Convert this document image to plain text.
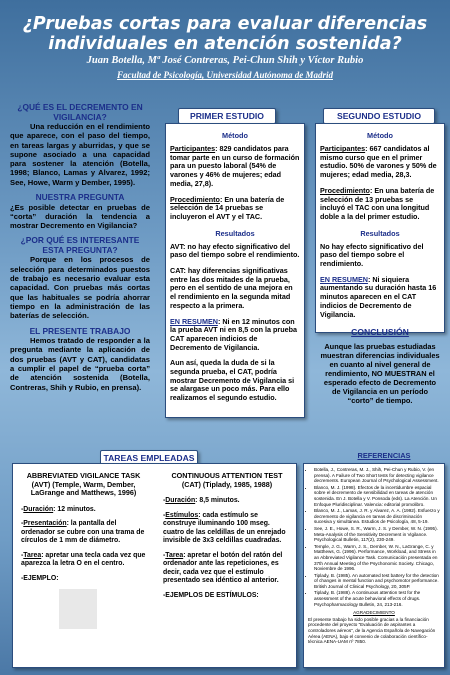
¿Pruebas cortas para evaluar diferencias individuales en atención sostenida?
Juan Botella, Mª José Contreras, Pei-Chun Shih y Víctor Rubio
Facultad de Psicología, Universidad Autónoma de Madrid
¿QUÉ ES EL DECREMENTO EN VIGILANCIA?

Una reducción en el rendimiento que aparece, con el paso del tiempo, en tareas largas y aburridas, y que se supone asociado a una capacidad para sostener la atención (Botella, 1998; Blanco, Lamas y Alvarez, 1992; See, Howe, Warm y Dember, 1995).

NUESTRA PREGUNTA

¿Es posible detectar en pruebas de “corta” duración la tendencia a mostrar Decremento en Vigilancia?

¿POR QUÉ ES INTERESANTE ESTA PREGUNTA?

Porque en los procesos de selección para determinados puestos de trabajo es necesario evaluar esta capacidad. Con pruebas más cortas que las habituales se podría ahorrar tiempo en la administración de las baterías de selección.

EL PRESENTE TRABAJO

Hemos tratado de responder a la pregunta mediante la aplicación de dos pruebas (AVT y CAT), candidatas a cumplir el papel de “prueba corta” de atención sostenida (Botella, Contreras, Shih y Rubio, en prensa).

PRIMER ESTUDIO
Método

Participantes: 829 candidatos para tomar parte en un curso de formación para un puesto laboral (54% de varones y 46% de mujeres; edad media, 27,8).

Procedimiento: En una batería de selección de 14 pruebas se incluyeron el AVT y el TAC.

Resultados

AVT: no hay efecto significativo del paso del tiempo sobre el rendimiento.

CAT: hay diferencias significativas entre las dos mitades de la prueba, pero en el sentido de una mejora en el rendimiento en la segunda mitad respecto a la primera.

EN RESUMEN: Ni en 12 minutos con la prueba AVT ni en 8,5 con la prueba CAT aparecen indicios de Decremento de Vigilancia.

Aun así, queda la duda de si la segunda prueba, el CAT, podría mostrar Decremento de Vigilancia si se alargase un poco más. Para ello realizamos el segundo estudio.

SEGUNDO ESTUDIO
Método

Participantes: 667 candidatos al mismo curso que en el primer estudio. 50% de varones y 50% de mujeres; edad media, 28,3.

Procedimiento: En una batería de selección de 13 pruebas se incluyó el TAC con una longitud doble a la del primer estudio.

Resultados

No hay efecto significativo del paso del tiempo sobre el rendimiento.

EN RESUMEN: Ni siquiera aumentando su duración hasta 16 minutos aparecen en el CAT indicios de Decremento de Vigilancia.

CONCLUSIÓN

Aunque las pruebas estudiadas muestran diferencias individuales en cuanto al nivel general de rendimiento, NO MUESTRAN el esperado efecto de Decremento de Vigilancia en un período “corto” de tiempo.

TAREAS EMPLEADAS
ABBREVIATED VIGILANCE TASK (AVT) (Temple, Warm, Dember, LaGrange and Matthews, 1996)

-Duración: 12 minutos.

-Presentación: la pantalla del ordenador se cubre con una trama de círculos de 1 mm de diámetro.

-Tarea: apretar una tecla cada vez que aparezca la letra O en el centro.

-EJEMPLO:

CONTINUOUS ATTENTION TEST (CAT) (Tiplady, 1985, 1988)

-Duración: 8,5 minutos.

-Estímulos: cada estímulo se construye iluminando 100 mseg. cuatro de las celdillas de un enrejado invisible de 3x3 celdillas cuadradas.

-Tarea: apretar el botón del ratón del ordenador ante las repeticiones, es decir, cada vez que el estímulo presentado sea idéntico al anterior.

-EJEMPLOS DE ESTÍMULOS:

REFERENCIAS
• Botella, J., Contreras, M. J., Shih, Pei-Chun y Rubio, V. (en prensa). A Failure of Two Short tests for detecting vigilance decrements. European Journal of Psychological Assessment.
• Blanco, M. J. (1998). Efectos de la incertidumbre espacial sobre el decremento de sensibilidad en tareas de atención sostenida. En J. Botella y V. Ponsoda (eds). La Atención. Un Enfoque Pluridisciplinar. Valencia: editorial promolibro.
• Blanco, M. J., Lamas, J. R. y Alvarez, A. A. (1992). Esfuerzo y decremento de vigilancia en tareas de discriminación sucesiva y simultánea. Estudios de Psicología, 48, 5-19.
• See, J. E., Howe, S. R., Warm, J. S. y Dember, W. N. (1995). Meta-Analysis of the Sensitivity Decrement in Vigilance. Psychological Bulletin, 117(2), 230-249.
• Temple, J. G., Warm, J. S., Dember, W. N., LaGrange, C. y Matthews, G. (1996). Performance, Workload, and Stress in an Abbreviated Vigilance Task. Comunicación presentada en 37th Annual Meeting of the Psychonomic Society. Chicago, Noviembre de 1996.
• Tiplady, B. (1985). An automated test battery for the detection of changes in mental function and psychomotor performance. British Journal of Clinical Psychology, 20, 305P.
• Tiplady, B. (1988). A continuous attention test for the assessment of the acute behavioral effects of drugs. Psychopharmacology Bulletin, 24, 213-216.
AGRADECIMIENTO
El presente trabajo ha sido posible gracias a la financiación procedente del proyecto “Evaluación de aspirantes a controladores aéreos”, de la Agencia Española de Navegación Aérea (AENA), bajo el convenio de colaboración científico-técnica AENA-UAM nº 7850.
